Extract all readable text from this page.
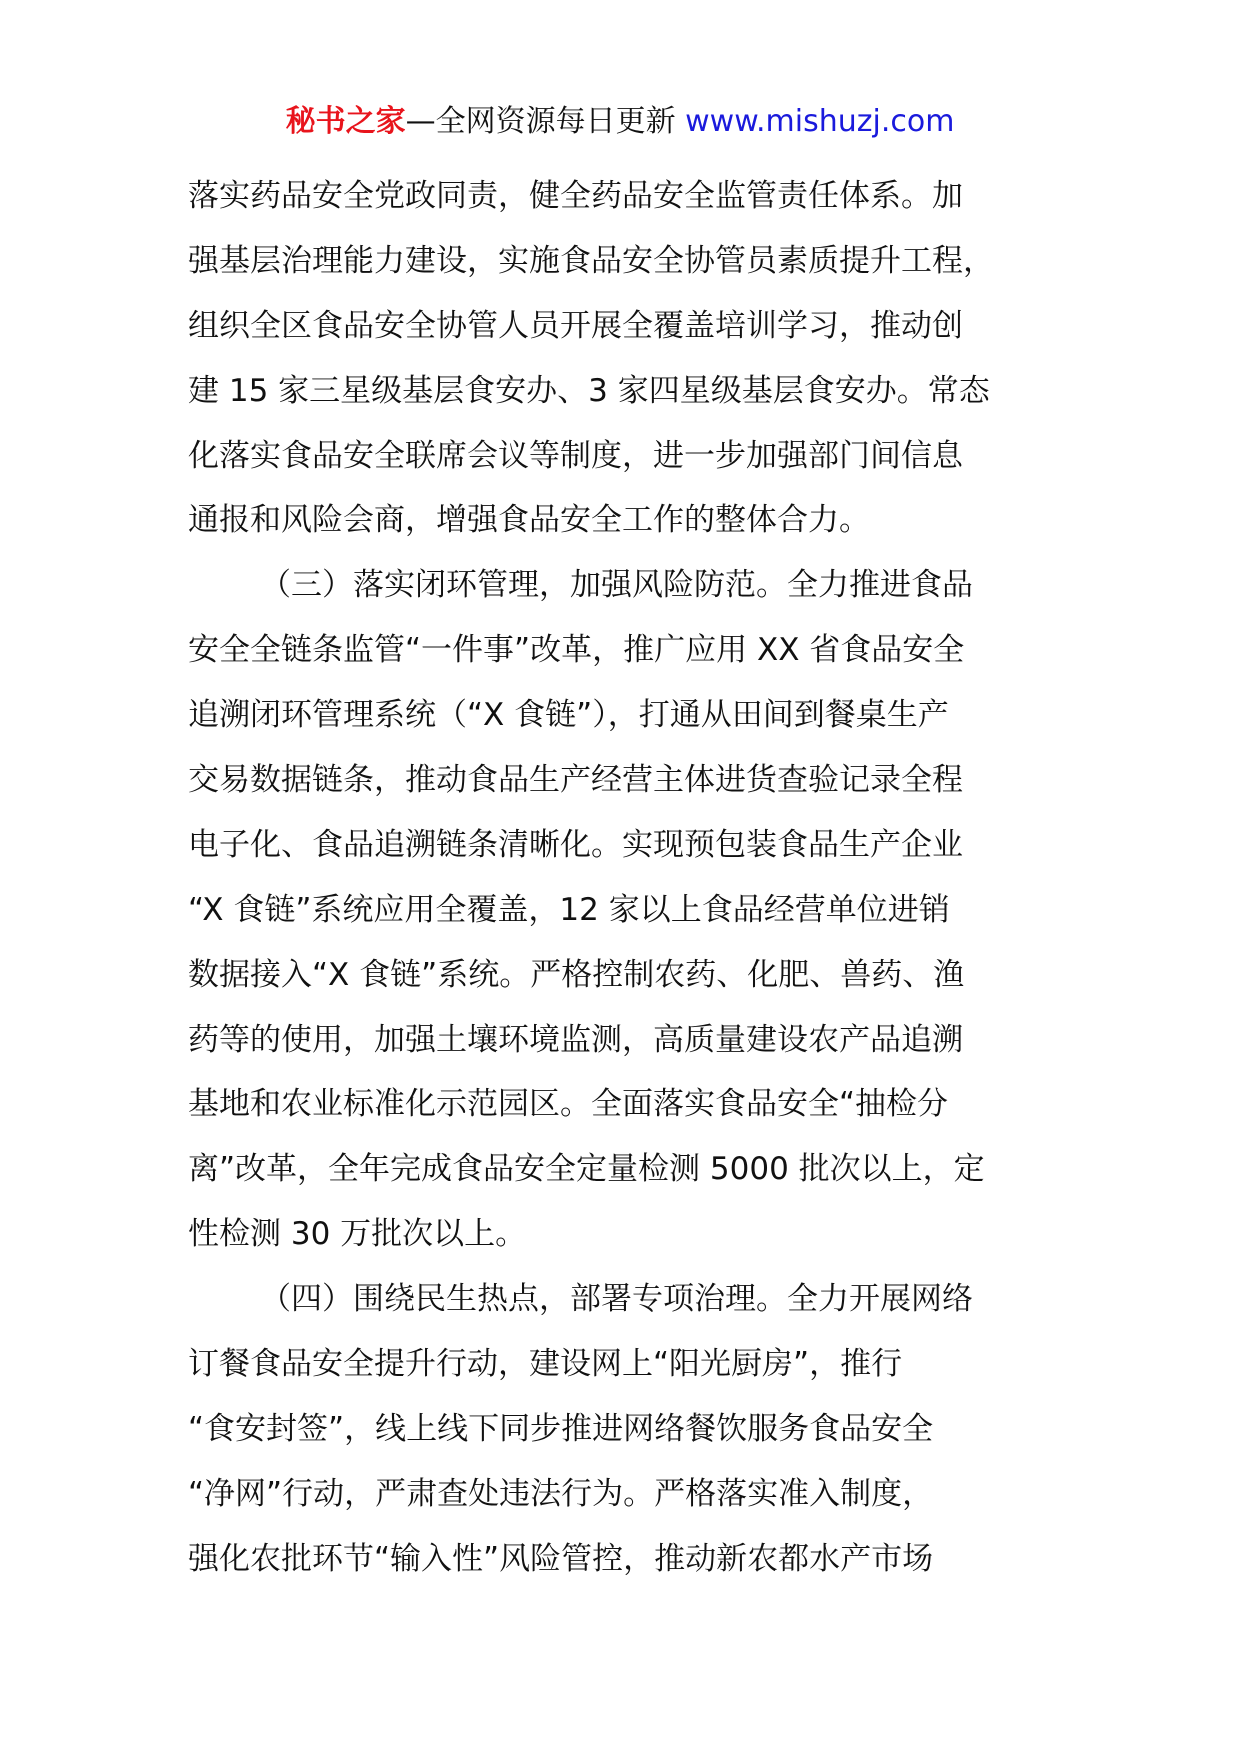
秘书之家—全网资源每日更新 www.mishuzj.com
落实药品安全党政同责，健全药品安全监管责任体系。加
强基层治理能力建设，实施食品安全协管员素质提升工程，
组织全区食品安全协管人员开展全覆盖培训学习，推动创
建 15 家三星级基层食安办、3 家四星级基层食安办。常态
化落实食品安全联席会议等制度，进一步加强部门间信息
通报和风险会商，增强食品安全工作的整体合力。
（三）落实闭环管理，加强风险防范。全力推进食品
安全全链条监管“一件事”改革，推广应用 XX 省食品安全
追溯闭环管理系统（“X 食链”），打通从田间到餐桌生产
交易数据链条，推动食品生产经营主体进货查验记录全程
电子化、食品追溯链条清晰化。实现预包装食品生产企业
“X 食链”系统应用全覆盖，12 家以上食品经营单位进销
数据接入“X 食链”系统。严格控制农药、化肥、兽药、渔
药等的使用，加强土壤环境监测，高质量建设农产品追溯
基地和农业标准化示范园区。全面落实食品安全“抽检分
离”改革，全年完成食品安全定量检测 5000 批次以上，定
性检测 30 万批次以上。
（四）围绕民生热点，部署专项治理。全力开展网络
订餐食品安全提升行动，建设网上“阳光厨房”，推行
“食安封签”，线上线下同步推进网络餐饮服务食品安全
“净网”行动，严肃查处违法行为。严格落实准入制度，
强化农批环节“输入性”风险管控，推动新农都水产市场
